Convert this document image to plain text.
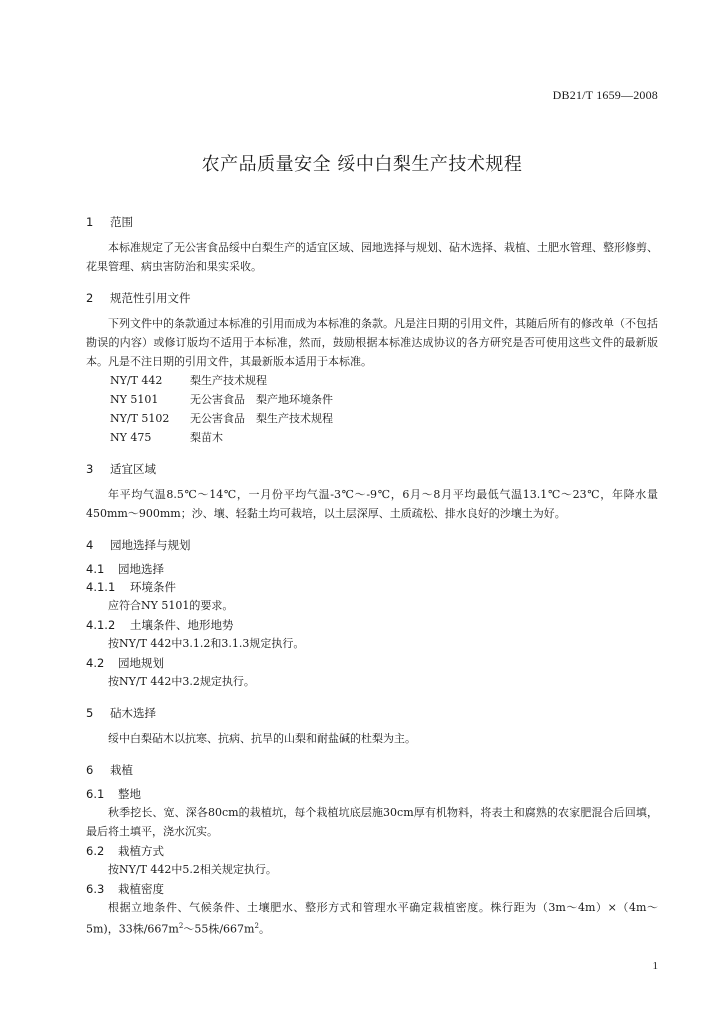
DB21/T 1659—2008
农产品质量安全 绥中白梨生产技术规程
1 范围

本标准规定了无公害食品绥中白梨生产的适宜区域、园地选择与规划、砧木选择、栽植、土肥水管理、整形修剪、花果管理、病虫害防治和果实采收。

2 规范性引用文件

下列文件中的条款通过本标准的引用而成为本标准的条款。凡是注日期的引用文件，其随后所有的修改单（不包括勘误的内容）或修订版均不适用于本标准，然而，鼓励根据本标准达成协议的各方研究是否可使用这些文件的最新版本。凡是不注日期的引用文件，其最新版本适用于本标准。

NY/T 442	梨生产技术规程
NY 5101	无公害食品　梨产地环境条件
NY/T 5102 无公害食品　梨生产技术规程
NY 475	梨苗木
3 适宜区域

年平均气温8.5℃～14℃，一月份平均气温-3℃～-9℃，6月～8月平均最低气温13.1℃～23℃，年降水量450mm～900mm；沙、壤、轻黏土均可栽培，以土层深厚、土质疏松、排水良好的沙壤土为好。

4 园地选择与规划
4.1 园地选择
4.1.1 环境条件

应符合NY 5101的要求。

4.1.2 土壤条件、地形地势

按NY/T 442中3.1.2和3.1.3规定执行。

4.2 园地规划

按NY/T 442中3.2规定执行。

5 砧木选择

绥中白梨砧木以抗寒、抗病、抗旱的山梨和耐盐碱的杜梨为主。

6 栽植
6.1 整地

秋季挖长、宽、深各80cm的栽植坑，每个栽植坑底层施30cm厚有机物料，将表土和腐熟的农家肥混合后回填，最后将土填平，浇水沉实。

6.2 栽植方式

按NY/T 442中5.2相关规定执行。

6.3 栽植密度

根据立地条件、气候条件、土壤肥水、整形方式和管理水平确定栽植密度。株行距为（3m～4m）×（4m～5m)，33株$/667m^2\sim 55$株$/667m^2$。

1
